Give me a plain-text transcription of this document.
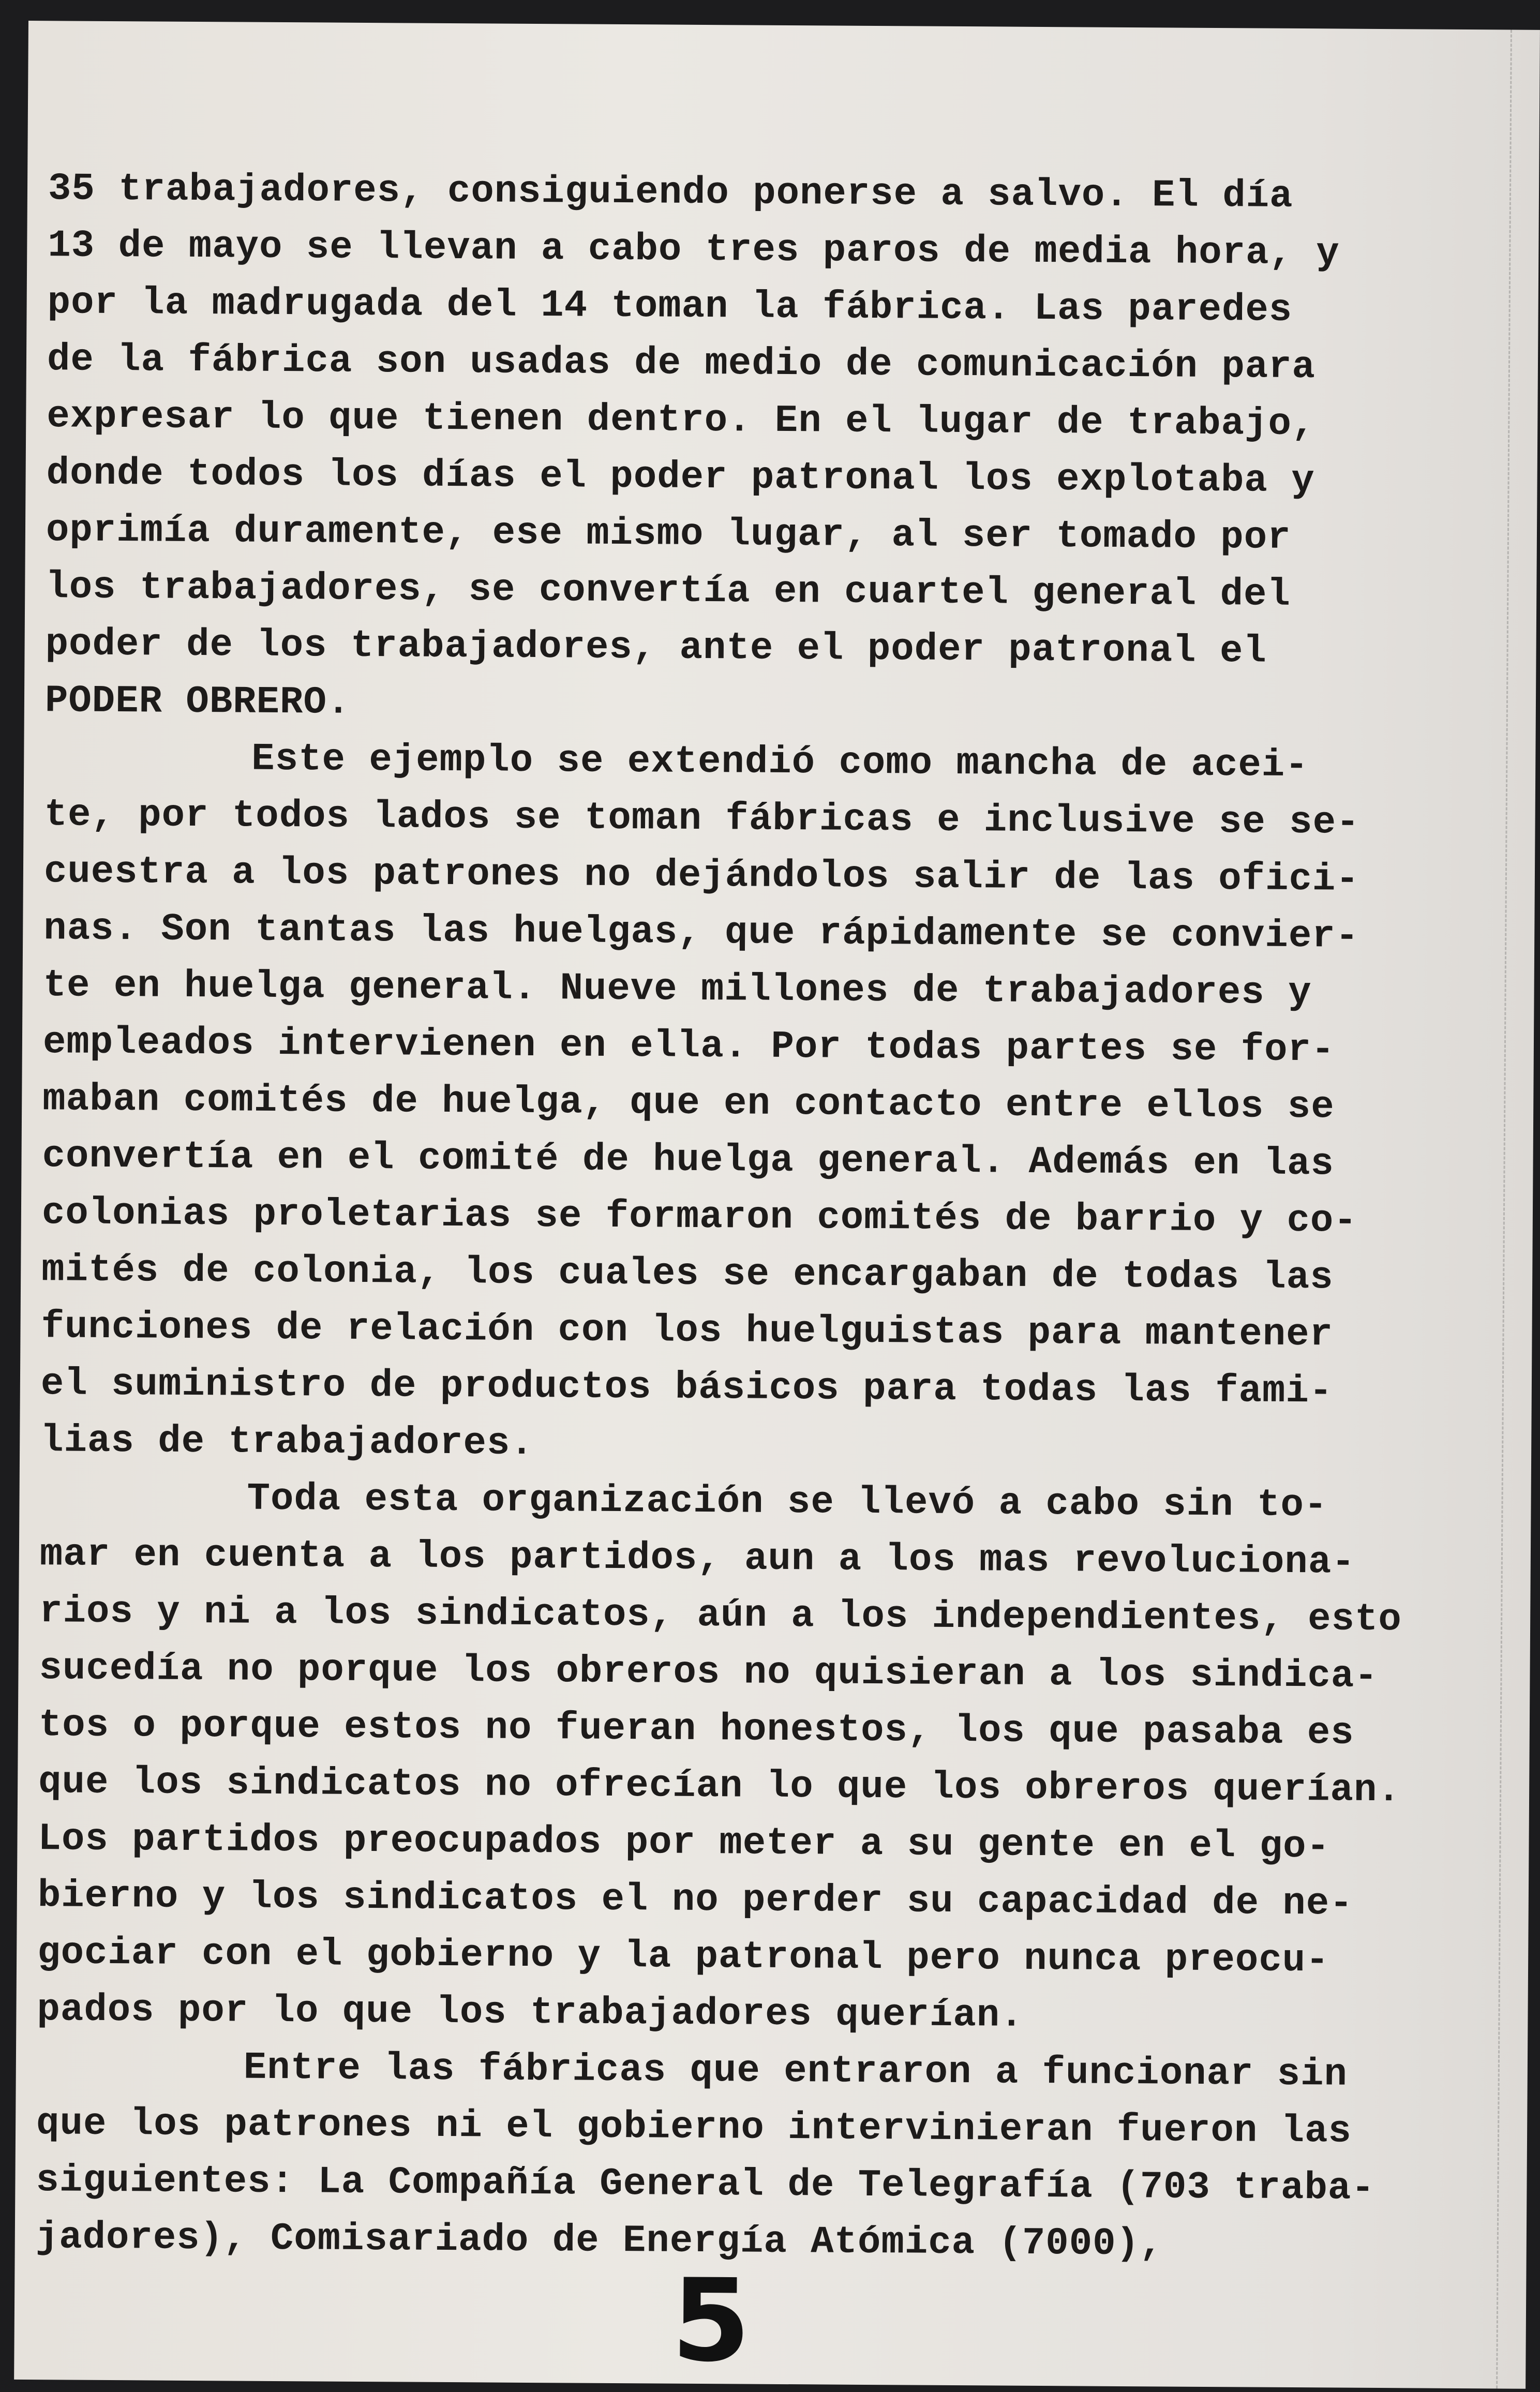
35 trabajadores, consiguiendo ponerse a salvo. El día
13 de mayo se llevan a cabo tres paros de media hora, y
por la madrugada del 14 toman la fábrica. Las paredes
de la fábrica son usadas de medio de comunicación para
expresar lo que tienen dentro. En el lugar de trabajo,
donde todos los días el poder patronal los explotaba y
oprimía duramente, ese mismo lugar, al ser tomado por
los trabajadores, se convertía en cuartel general del
poder de los trabajadores, ante el poder patronal el
PODER OBRERO.
Este ejemplo se extendió como mancha de acei-
te, por todos lados se toman fábricas e inclusive se se-
cuestra a los patrones no dejándolos salir de las ofici-
nas. Son tantas las huelgas, que rápidamente se convier-
te en huelga general. Nueve millones de trabajadores y
empleados intervienen en ella. Por todas partes se for-
maban comités de huelga, que en contacto entre ellos se
convertía en el comité de huelga general. Además en las
colonias proletarias se formaron comités de barrio y co-
mités de colonia, los cuales se encargaban de todas las
funciones de relación con los huelguistas para mantener
el suministro de productos básicos para todas las fami-
lias de trabajadores.
Toda esta organización se llevó a cabo sin to-
mar en cuenta a los partidos, aun a los mas revoluciona-
rios y ni a los sindicatos, aún a los independientes, esto
sucedía no porque los obreros no quisieran a los sindica-
tos o porque estos no fueran honestos, los que pasaba es
que los sindicatos no ofrecían lo que los obreros querían.
Los partidos preocupados por meter a su gente en el go-
bierno y los sindicatos el no perder su capacidad de ne-
gociar con el gobierno y la patronal pero nunca preocu-
pados por lo que los trabajadores querían.
Entre las fábricas que entraron a funcionar sin
que los patrones ni el gobierno intervinieran fueron las
siguientes: La Compañía General de Telegrafía (703 traba-
jadores), Comisariado de Energía Atómica (7000),
5
